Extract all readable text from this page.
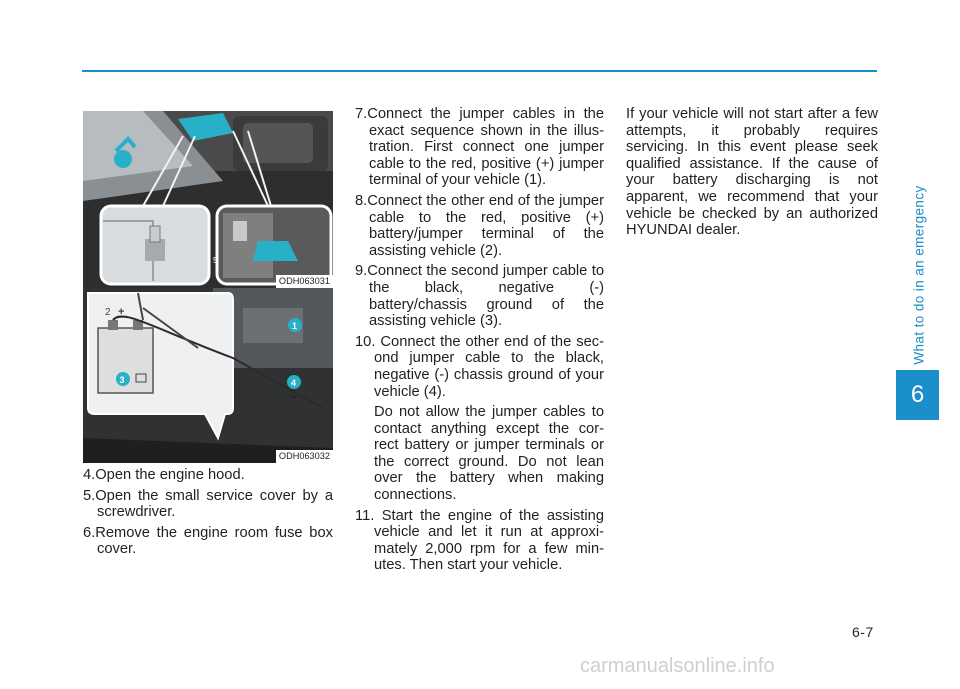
What to do in an emergency
6
5
ODH063031
3
2 +
1
4
–
ODH063032

4.Open the engine hood.

5.Open the small service cover by a screwdriver.

6.Remove the engine room fuse box cover.

7.Connect the jumper cables in the exact sequence shown in the illus- tration. First connect one jumper cable to the red, positive (+) jumper terminal of your vehicle (1).

8.Connect the other end of the jumper cable to the red, positive (+) battery/jumper terminal of the assisting vehicle (2).

9.Connect the second jumper cable to the black, negative (-) battery/chassis ground of the assisting vehicle (3).

10. Connect the other end of the sec- ond jumper cable to the black, negative (-) chassis ground of your vehicle (4).

Do not allow the jumper cables to contact anything except the cor- rect battery or jumper terminals or the correct ground. Do not lean over the battery when making connections.

11. Start the engine of the assisting vehicle and let it run at approxi- mately 2,000 rpm for a few min- utes. Then start your vehicle.

If your vehicle will not start after a few attempts, it probably requires servicing. In this event please seek qualified assistance. If the cause of your battery discharging is not apparent, we recommend that your vehicle be checked by an authorized HYUNDAI dealer.

6-7
carmanualsonline.info
